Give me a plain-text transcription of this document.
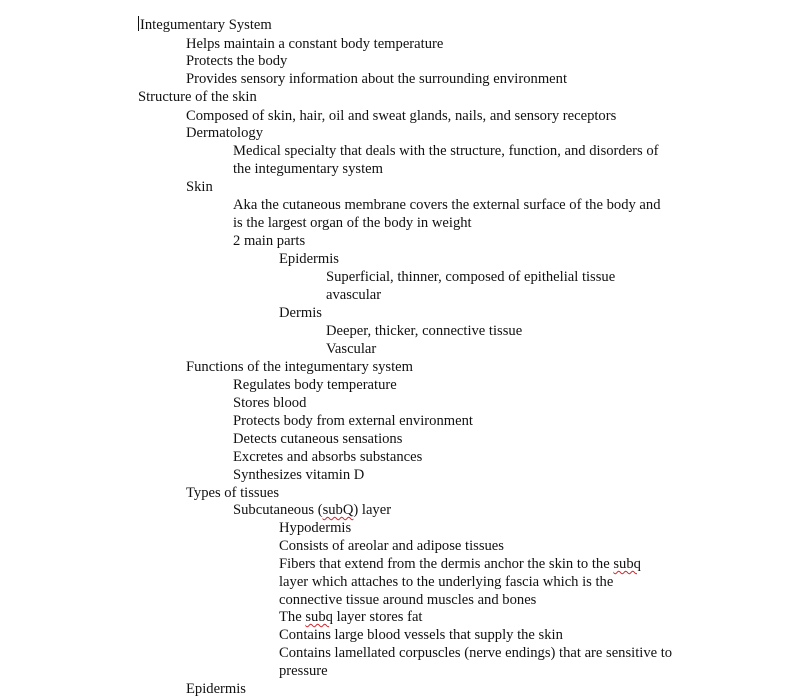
Integumentary System
Helps maintain a constant body temperature
Protects the body
Provides sensory information about the surrounding environment
Structure of the skin
Composed of skin, hair, oil and sweat glands, nails, and sensory receptors
Dermatology
Medical specialty that deals with the structure, function, and disorders of
the integumentary system
Skin
Aka the cutaneous membrane covers the external surface of the body and
is the largest organ of the body in weight
2 main parts
Epidermis
Superficial, thinner, composed of epithelial tissue
avascular
Dermis
Deeper, thicker, connective tissue
Vascular
Functions of the integumentary system
Regulates body temperature
Stores blood
Protects body from external environment
Detects cutaneous sensations
Excretes and absorbs substances
Synthesizes vitamin D
Types of tissues
Subcutaneous (subQ) layer
Hypodermis
Consists of areolar and adipose tissues
Fibers that extend from the dermis anchor the skin to the subq
layer which attaches to the underlying fascia which is the
connective tissue around muscles and bones
The subq layer stores fat
Contains large blood vessels that supply the skin
Contains lamellated corpuscles (nerve endings) that are sensitive to
pressure
Epidermis
